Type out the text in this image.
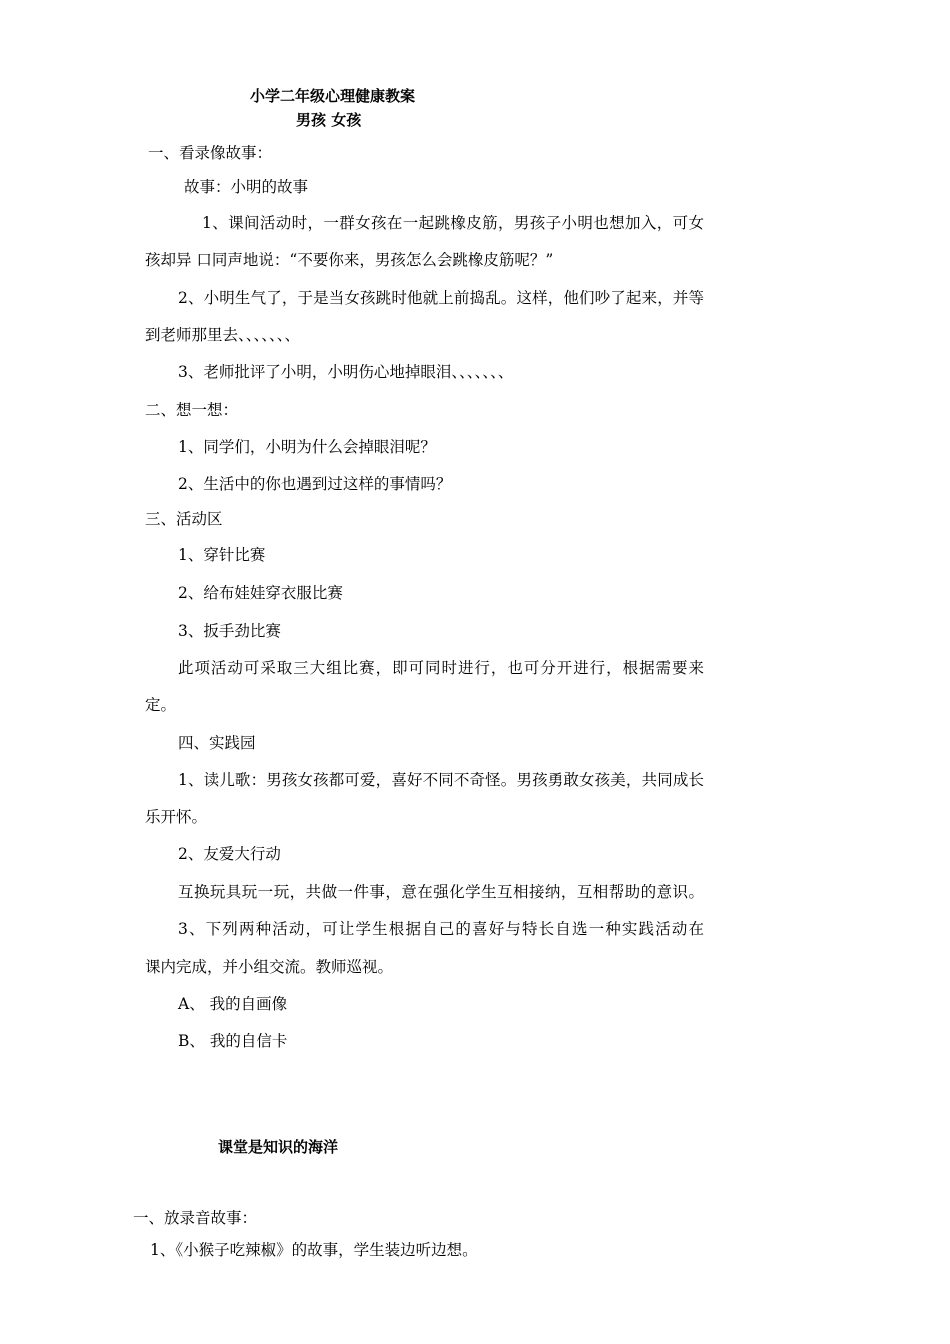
小学二年级心理健康教案
男孩 女孩
一、看录像故事：
故事：小明的故事
1、课间活动时，一群女孩在一起跳橡皮筋，男孩子小明也想加入，可女
孩却异 口同声地说：“不要你来，男孩怎么会跳橡皮筋呢？”
2、小明生气了，于是当女孩跳时他就上前捣乱。这样，他们吵了起来，并等
到老师那里去、、、、、、、
3、老师批评了小明，小明伤心地掉眼泪、、、、、、、
二、想一想：
1、同学们，小明为什么会掉眼泪呢？
2、生活中的你也遇到过这样的事情吗？
三、活动区
1、穿针比赛
2、给布娃娃穿衣服比赛
3、扳手劲比赛
此项活动可采取三大组比赛，即可同时进行，也可分开进行，根据需要来
定。
四、实践园
1、读儿歌：男孩女孩都可爱，喜好不同不奇怪。男孩勇敢女孩美，共同成长
乐开怀。
2、友爱大行动
互换玩具玩一玩，共做一件事，意在强化学生互相接纳，互相帮助的意识。
3、下列两种活动，可让学生根据自己的喜好与特长自选一种实践活动在
课内完成，并小组交流。教师巡视。
A、 我的自画像
B、 我的自信卡
课堂是知识的海洋
一、放录音故事：
1、《小猴子吃辣椒》的故事，学生装边听边想。
